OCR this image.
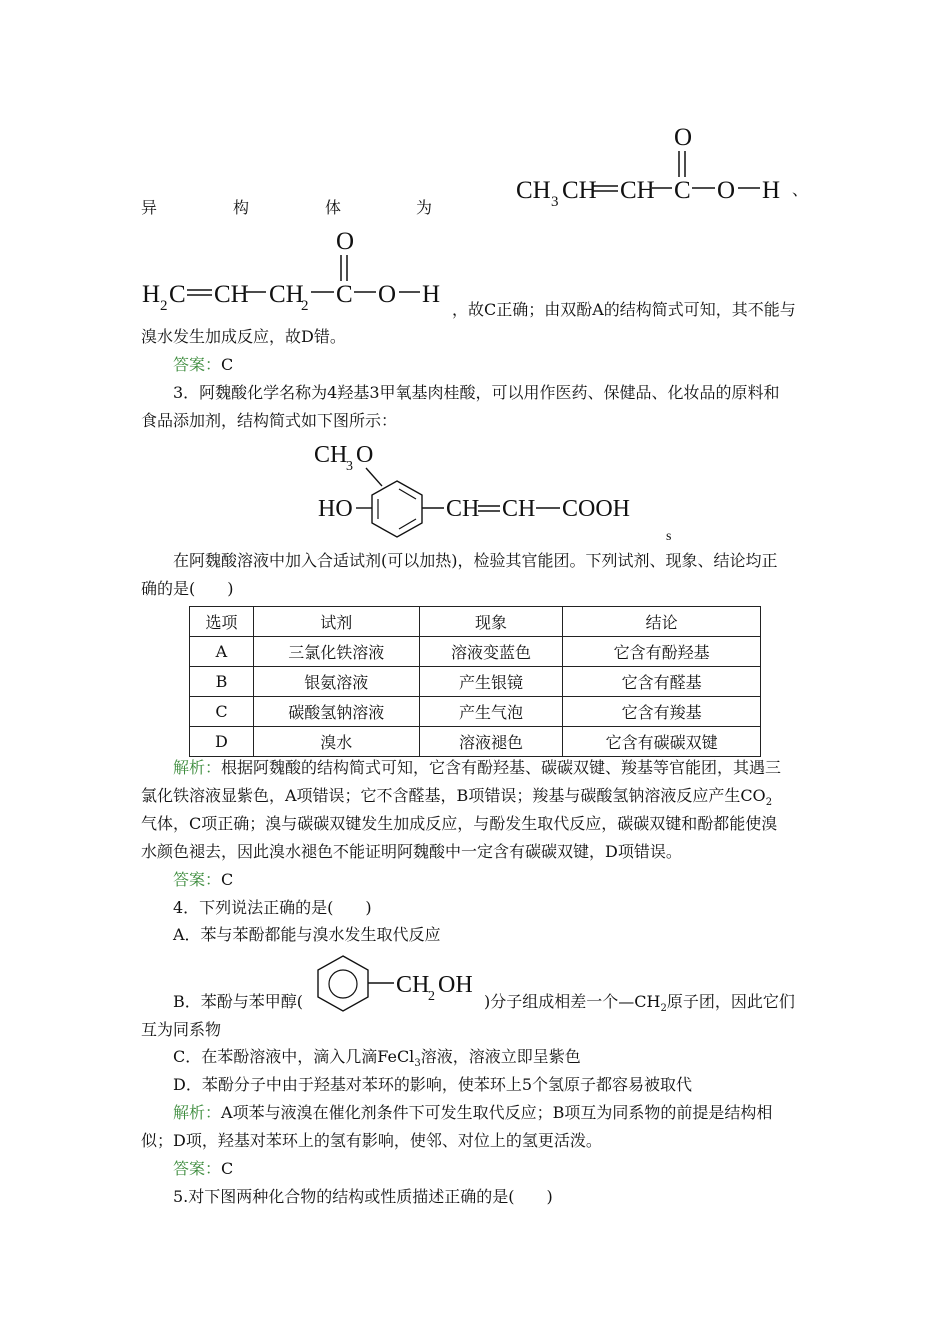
异	构	体	为
CH 3 CH CH C
O
O H 、
H 2 C CH CH
2 C
O
O H
，故C正确；由双酚A的结构简式可知，其不能与
溴水发生加成反应，故D错。
答案：C
3．阿魏酸化学名称为4羟基3甲氧基肉桂酸，可以用作医药、保健品、化妆品的原料和
食品添加剂，结构简式如下图所示：
CH
3 O
HO	CH CH COOH
s
在阿魏酸溶液中加入合适试剂(可以加热)，检验其官能团。下列试剂、现象、结论均正
确的是(　　)
选项	试剂	现象	结论
A	三氯化铁溶液	溶液变蓝色	它含有酚羟基
B	银氨溶液	产生银镜	它含有醛基
C	碳酸氢钠溶液	产生气泡	它含有羧基
D	溴水	溶液褪色	它含有碳碳双键
解析：根据阿魏酸的结构简式可知，它含有酚羟基、碳碳双键、羧基等官能团，其遇三
氯化铁溶液显紫色，A项错误；它不含醛基，B项错误；羧基与碳酸氢钠溶液反应产生$CO_2$
气体，C项正确；溴与碳碳双键发生加成反应，与酚发生取代反应，碳碳双键和酚都能使溴
水颜色褪去，因此溴水褪色不能证明阿魏酸中一定含有碳碳双键，D项错误。
答案：C
4．下列说法正确的是(　　)
A．苯与苯酚都能与溴水发生取代反应
B．苯酚与苯甲醇(
CH
2 OH
)分子组成相差一个$—CH_2$原子团，因此它们
互为同系物
C．在苯酚溶液中，滴入几滴FeCl$_3$溶液，溶液立即呈紫色
D．苯酚分子中由于羟基对苯环的影响，使苯环上5个氢原子都容易被取代
解析：A项苯与液溴在催化剂条件下可发生取代反应；B项互为同系物的前提是结构相
似；D项，羟基对苯环上的氢有影响，使邻、对位上的氢更活泼。
答案：C
5.对下图两种化合物的结构或性质描述正确的是(　　)
